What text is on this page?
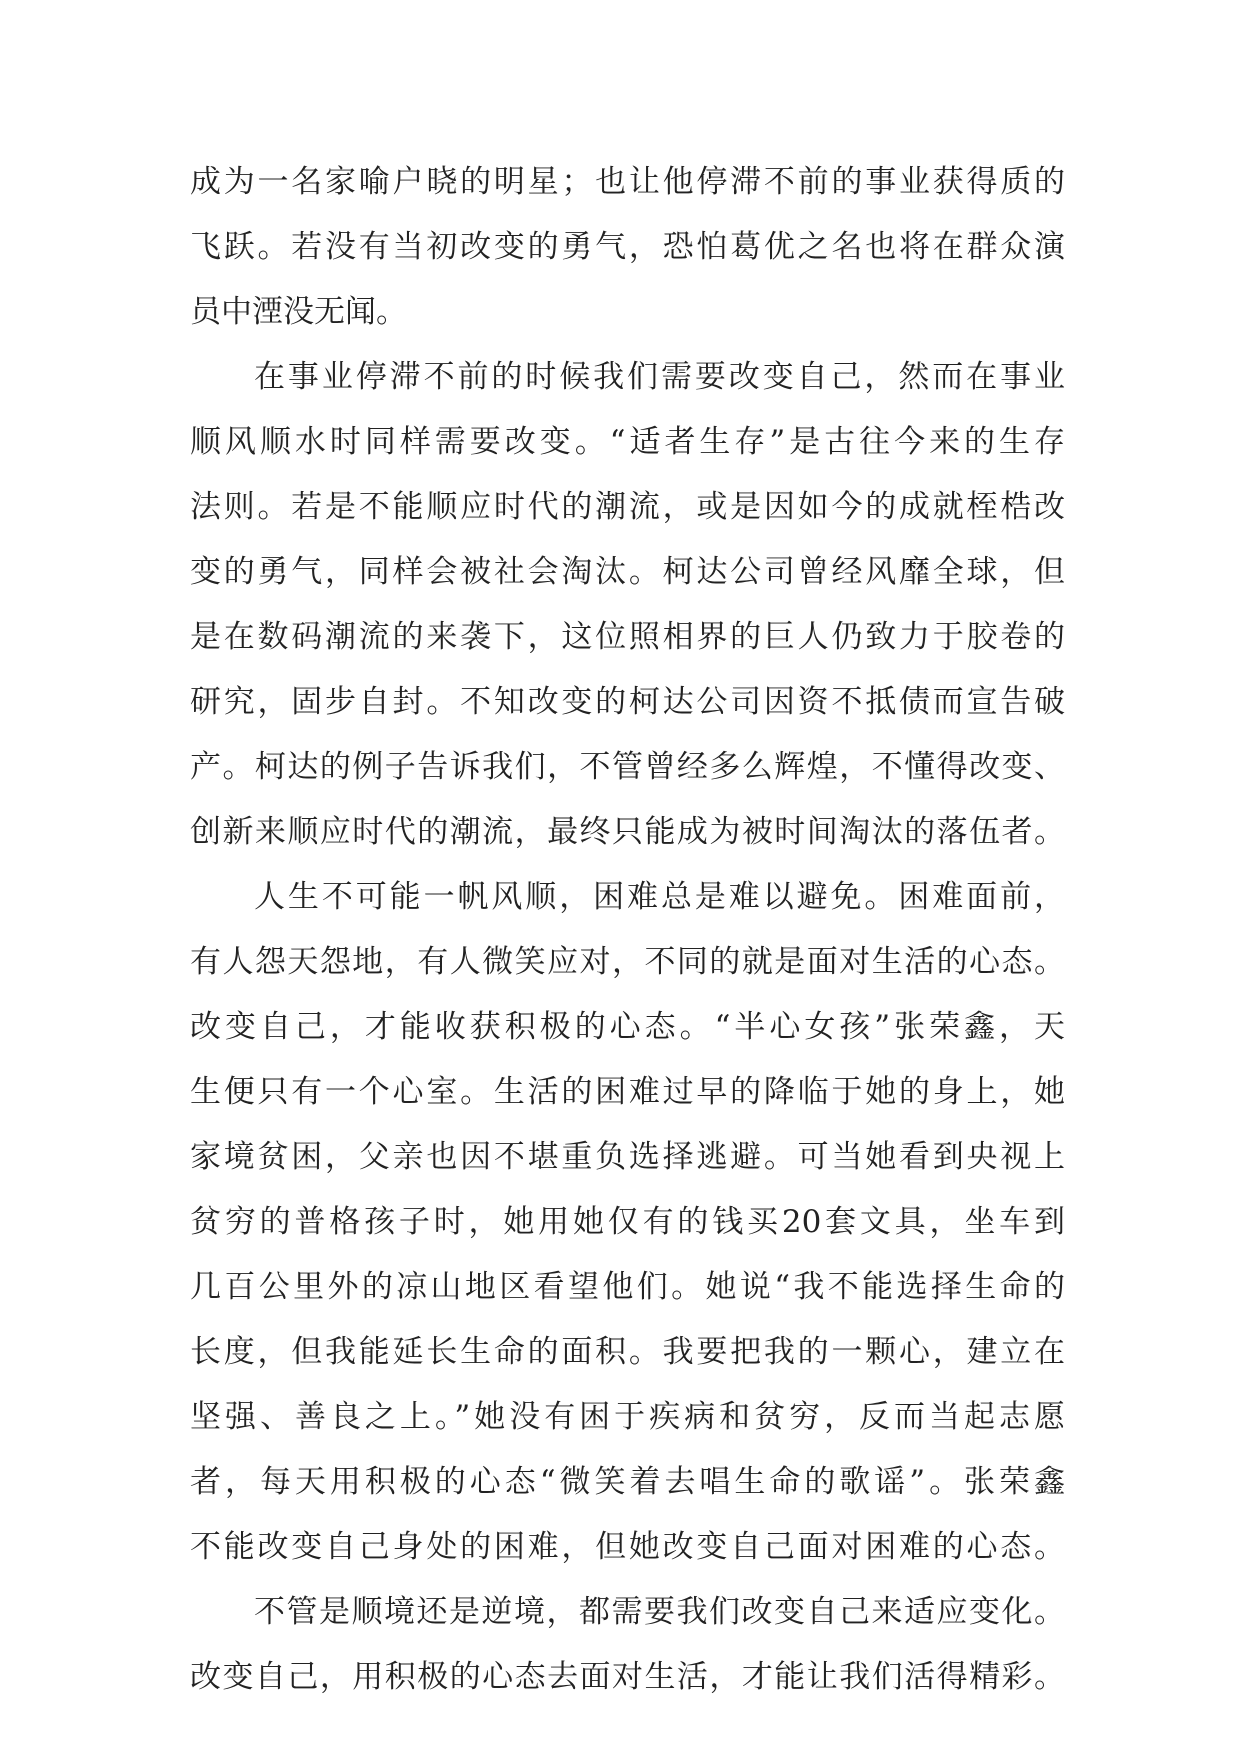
成为一名家喻户晓的明星；也让他停滞不前的事业获得质的
飞跃。若没有当初改变的勇气，恐怕葛优之名也将在群众演
员中湮没无闻。
在事业停滞不前的时候我们需要改变自己，然而在事业
顺风顺水时同样需要改变。“适者生存”是古往今来的生存
法则。若是不能顺应时代的潮流，或是因如今的成就桎梏改
变的勇气，同样会被社会淘汰。柯达公司曾经风靡全球，但
是在数码潮流的来袭下，这位照相界的巨人仍致力于胶卷的
研究，固步自封。不知改变的柯达公司因资不抵债而宣告破
产。柯达的例子告诉我们，不管曾经多么辉煌，不懂得改变、
创新来顺应时代的潮流，最终只能成为被时间淘汰的落伍者。
人生不可能一帆风顺，困难总是难以避免。困难面前，
有人怨天怨地，有人微笑应对，不同的就是面对生活的心态。
改变自己，才能收获积极的心态。“半心女孩”张荣鑫，天
生便只有一个心室。生活的困难过早的降临于她的身上，她
家境贫困，父亲也因不堪重负选择逃避。可当她看到央视上
贫穷的普格孩子时，她用她仅有的钱买20套文具，坐车到
几百公里外的凉山地区看望他们。她说“我不能选择生命的
长度，但我能延长生命的面积。我要把我的一颗心，建立在
坚强、善良之上。”她没有困于疾病和贫穷，反而当起志愿
者，每天用积极的心态“微笑着去唱生命的歌谣”。张荣鑫
不能改变自己身处的困难，但她改变自己面对困难的心态。
不管是顺境还是逆境，都需要我们改变自己来适应变化。
改变自己，用积极的心态去面对生活，才能让我们活得精彩。
